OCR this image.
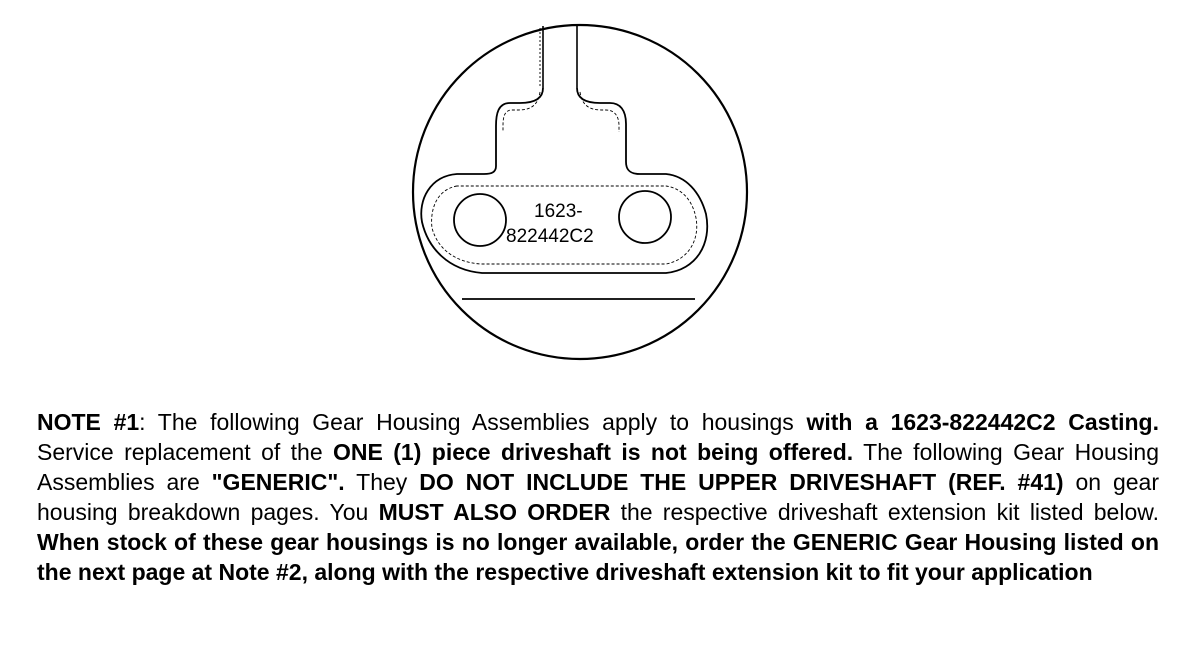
1623-
822442C2

NOTE #1: The following Gear Housing Assemblies apply to housings with a 1623-822442C2 Casting. Service replacement of the ONE (1) piece driveshaft is not being offered. The following Gear Housing Assemblies are "GENERIC". They DO NOT INCLUDE THE UPPER DRIVESHAFT (REF. #41) on gear housing breakdown pages. You MUST ALSO ORDER the respective driveshaft extension kit listed below. When stock of these gear housings is no longer available, order the GENERIC Gear Housing listed on the next page at Note #2, along with the respective driveshaft extension kit to fit your application
